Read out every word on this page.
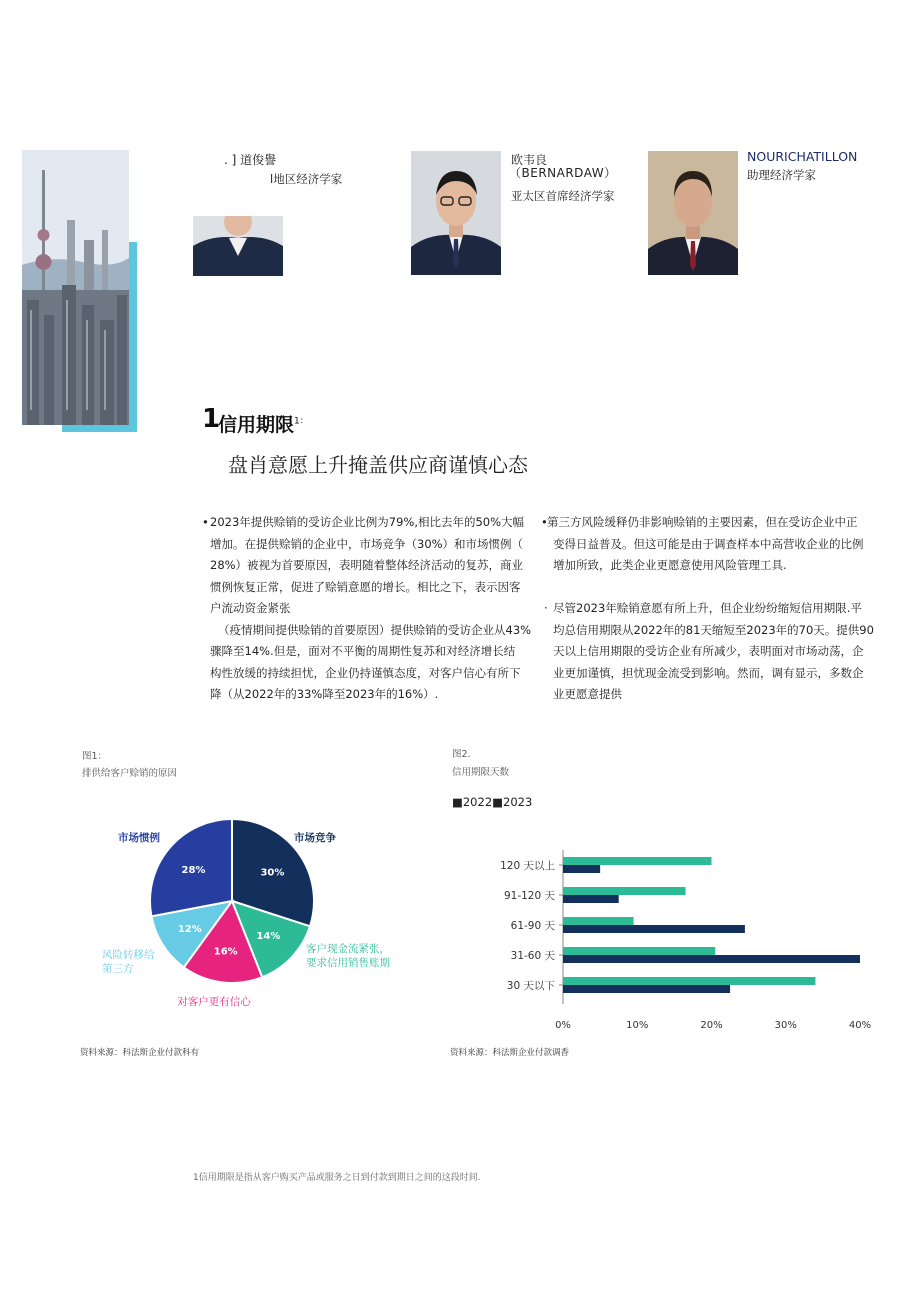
. ] 道俊譽
l地区经济学家
欧韦良
（BERNARDAW）
亚太区首席经济学家
NOURICHATILLON
助理经济学家
1
信用期限$^{1:}$
盘肖意愿上升掩盖供应商谨慎心态
• 2023年提供赊销的受访企业比例为79%,相比去年的50%大幅
增加。在提供赊销的企业中，市场竞争（30%）和市场惯例（
28%）被视为首要原因，表明随着整体经济活动的复苏，商业
惯例恢复正常，促进了赊销意愿的增长。相比之下，表示因客
户流动资金紧张
（疫情期间提供赊销的首要原因）提供赊销的受访企业从43%
骤降至14%.但是，面对不平衡的周期性复苏和对经济增长结
构性放缓的持续担忧，企业仍持谨慎态度，对客户信心有所下
降（从2022年的33%降至2023年的16%）.
• 第三方风险缓释仍非影响赊销的主要因素，但在受访企业中正
变得日益普及。但这可能是由于调查样本中高营收企业的比例
增加所致，此类企业更愿意使用风险管理工具.
· 尽管2023年赊销意愿有所上升，但企业纷纷缩短信用期限.平
均总信用期限从2022年的81天缩短至2023年的70天。提供90
天以上信用期限的受访企业有所减少，表明面对市场动荡，企
业更加谨慎，担忧现金流受到影响。然而，调有显示，多数企
业更愿意提供
图1：
排供给客户赊销的原因
30%
市场竞争
14%
客户现金流紧张，
要求信用销售账期
16%
对客户更有信心
12%
风险转移给
第三方
28%
市场惯例
资料来源：科法斯企业付款科有
图2.
信用期限天数
■2022■2023
120 天以上
91-120 天
61-90 天
31-60 天
30 天以下
0%	10%	20%	30%	40%
资料来源：科法斯企业付款调香
1信用期限是指从客户购买产品或服务之日到付款到期日之间的这段时间.
